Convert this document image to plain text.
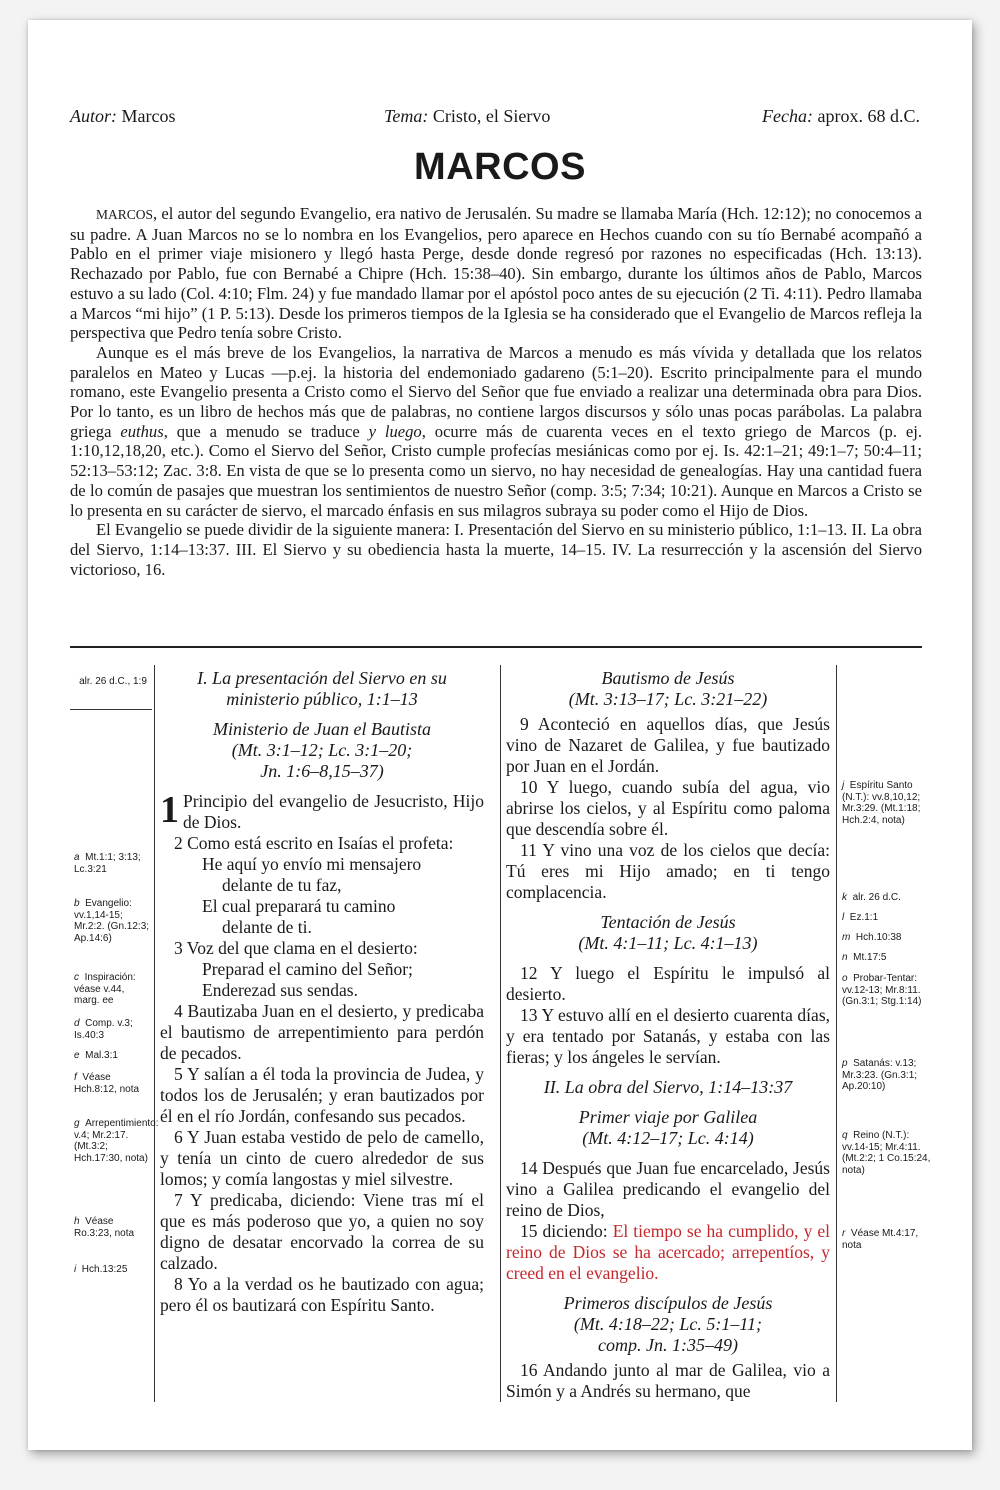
Autor: Marcos	Tema: Cristo, el Siervo	Fecha: aprox. 68 d.C.
MARCOS

MARCOS, el autor del segundo Evangelio, era nativo de Jerusalén. Su madre se llamaba María (Hch. 12:12); no conocemos a su padre. A Juan Marcos no se lo nombra en los Evangelios, pero aparece en Hechos cuando con su tío Bernabé acompañó a Pablo en el primer viaje misionero y llegó hasta Perge, desde donde regresó por razones no especificadas (Hch. 13:13). Rechazado por Pablo, fue con Bernabé a Chipre (Hch. 15:38–40). Sin embargo, durante los últimos años de Pablo, Marcos estuvo a su lado (Col. 4:10; Flm. 24) y fue mandado llamar por el apóstol poco antes de su ejecución (2 Ti. 4:11). Pedro llamaba a Marcos “mi hijo” (1 P. 5:13). Desde los primeros tiempos de la Iglesia se ha considerado que el Evangelio de Marcos refleja la perspectiva que Pedro tenía sobre Cristo.

Aunque es el más breve de los Evangelios, la narrativa de Marcos a menudo es más vívida y detallada que los relatos paralelos en Mateo y Lucas —p.ej. la historia del endemoniado gadareno (5:1–20). Escrito principalmente para el mundo romano, este Evangelio presenta a Cristo como el Siervo del Señor que fue enviado a realizar una determinada obra para Dios. Por lo tanto, es un libro de hechos más que de palabras, no contiene largos discursos y sólo unas pocas parábolas. La palabra griega euthus, que a menudo se traduce y luego, ocurre más de cuarenta veces en el texto griego de Marcos (p. ej. 1:10,12,18,20, etc.). Como el Siervo del Señor, Cristo cumple profecías mesiánicas como por ej. Is. 42:1–21; 49:1–7; 50:4–11; 52:13–53:12; Zac. 3:8. En vista de que se lo presenta como un siervo, no hay necesidad de genealogías. Hay una cantidad fuera de lo común de pasajes que muestran los sentimientos de nuestro Señor (comp. 3:5; 7:34; 10:21). Aunque en Marcos a Cristo se lo presenta en su carácter de siervo, el marcado énfasis en sus milagros subraya su poder como el Hijo de Dios.

El Evangelio se puede dividir de la siguiente manera: I. Presentación del Siervo en su ministerio público, 1:1–13. II. La obra del Siervo, 1:14–13:37. III. El Siervo y su obediencia hasta la muerte, 14–15. IV. La resurrección y la ascensión del Siervo victorioso, 16.

alr. 26 d.C., 1:9
a Mt.1:1; 3:13; Lc.3:21
b Evangelio: vv.1,14-15; Mr.2:2. (Gn.12:3; Ap.14:6)
c Inspiración: véase v.44, marg. ee
d Comp. v.3; Is.40:3
e Mal.3:1
f Véase Hch.8:12, nota
g Arrepentimiento: v.4; Mr.2:17. (Mt.3:2; Hch.17:30, nota)
h Véase Ro.3:23, nota
i Hch.13:25

I. La presentación del Siervo en su ministerio público, 1:1–13

Ministerio de Juan el Bautista

(Mt. 3:1–12; Lc. 3:1–20;

Jn. 1:6–8,15–37)

1 Principio del evangelio de Jesucristo, Hijo de Dios.

2 Como está escrito en Isaías el profeta:

He aquí yo envío mi mensajero

delante de tu faz,

El cual preparará tu camino

delante de ti.

3 Voz del que clama en el desierto:

Preparad el camino del Señor;

Enderezad sus sendas.

4 Bautizaba Juan en el desierto, y predicaba el bautismo de arrepentimiento para perdón de pecados.

5 Y salían a él toda la provincia de Judea, y todos los de Jerusalén; y eran bautizados por él en el río Jordán, confesando sus pecados.

6 Y Juan estaba vestido de pelo de camello, y tenía un cinto de cuero alrededor de sus lomos; y comía langostas y miel silvestre.

7 Y predicaba, diciendo: Viene tras mí el que es más poderoso que yo, a quien no soy digno de desatar encorvado la correa de su calzado.

8 Yo a la verdad os he bautizado con agua; pero él os bautizará con Espíritu Santo.

Bautismo de Jesús

(Mt. 3:13–17; Lc. 3:21–22)

9 Aconteció en aquellos días, que Jesús vino de Nazaret de Galilea, y fue bautizado por Juan en el Jordán.

10 Y luego, cuando subía del agua, vio abrirse los cielos, y al Espíritu como paloma que descendía sobre él.

11 Y vino una voz de los cielos que decía: Tú eres mi Hijo amado; en ti tengo complacencia.

Tentación de Jesús

(Mt. 4:1–11; Lc. 4:1–13)

12 Y luego el Espíritu le impulsó al desierto.

13 Y estuvo allí en el desierto cuarenta días, y era tentado por Satanás, y estaba con las fieras; y los ángeles le servían.

II. La obra del Siervo, 1:14–13:37

Primer viaje por Galilea

(Mt. 4:12–17; Lc. 4:14)

14 Después que Juan fue encarcelado, Jesús vino a Galilea predicando el evangelio del reino de Dios,

15 diciendo: El tiempo se ha cumplido, y el reino de Dios se ha acercado; arrepentíos, y creed en el evangelio.

Primeros discípulos de Jesús

(Mt. 4:18–22; Lc. 5:1–11;

comp. Jn. 1:35–49)

16 Andando junto al mar de Galilea, vio a Simón y a Andrés su hermano, que

j Espíritu Santo (N.T.): vv.8,10,12; Mr.3:29. (Mt.1:18; Hch.2:4, nota)
k alr. 26 d.C.
l Ez.1:1
m Hch.10:38
n Mt.17:5
o Probar-Tentar: vv.12-13; Mr.8:11. (Gn.3:1; Stg.1:14)
p Satanás: v.13; Mr.3:23. (Gn.3:1; Ap.20:10)
q Reino (N.T.): vv.14-15; Mr.4:11. (Mt.2:2; 1 Co.15:24, nota)
r Véase Mt.4:17, nota
